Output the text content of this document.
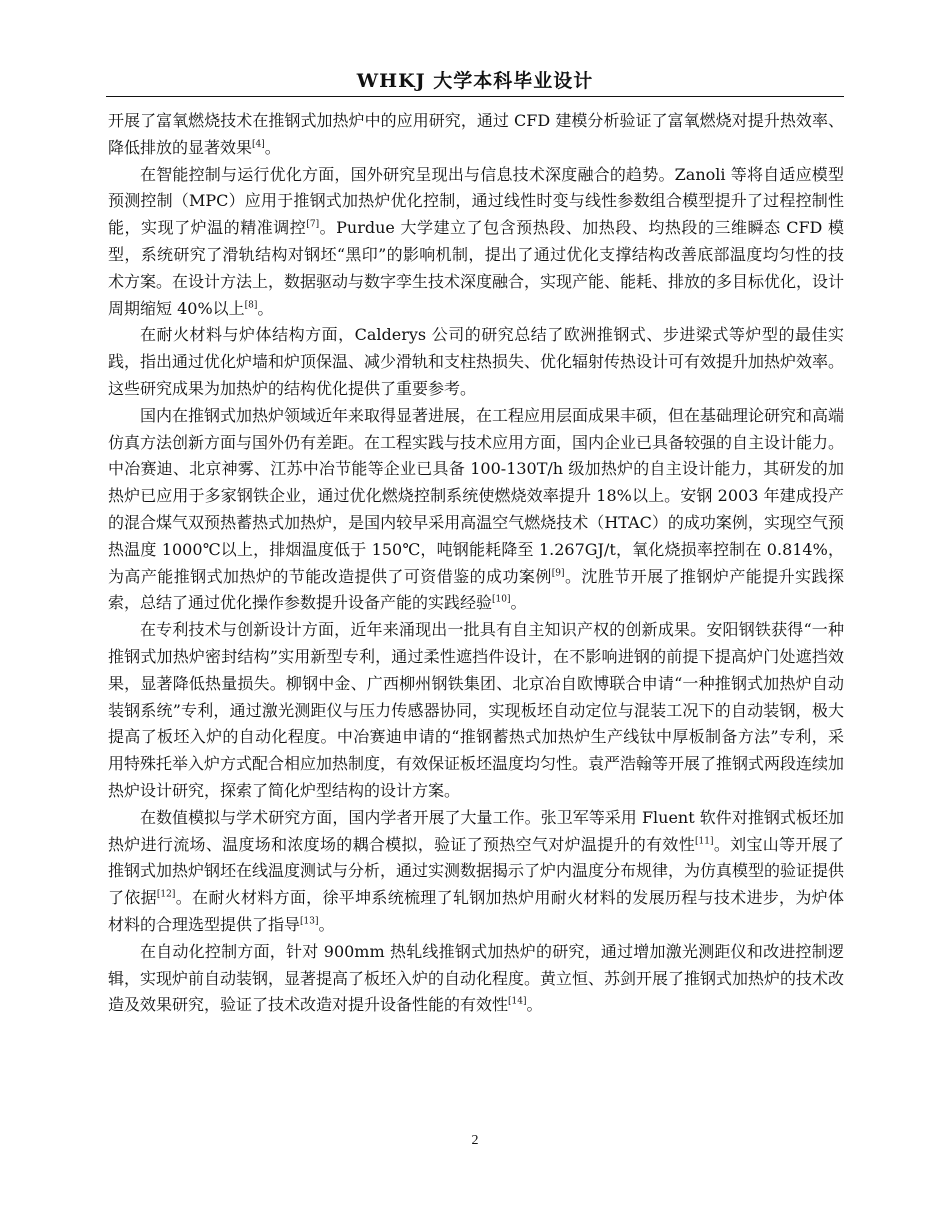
WHKJ 大学本科毕业设计

开展了富氧燃烧技术在推钢式加热炉中的应用研究，通过 CFD 建模分析验证了富氧燃烧对提升热效率、降低排放的显著效果[4]。

在智能控制与运行优化方面，国外研究呈现出与信息技术深度融合的趋势。Zanoli 等将自适应模型预测控制（MPC）应用于推钢式加热炉优化控制，通过线性时变与线性参数组合模型提升了过程控制性能，实现了炉温的精准调控[7]。Purdue 大学建立了包含预热段、加热段、均热段的三维瞬态 CFD 模型，系统研究了滑轨结构对钢坯“黑印”的影响机制，提出了通过优化支撑结构改善底部温度均匀性的技术方案。在设计方法上，数据驱动与数字孪生技术深度融合，实现产能、能耗、排放的多目标优化，设计周期缩短 40%以上[8]。

在耐火材料与炉体结构方面，Calderys 公司的研究总结了欧洲推钢式、步进梁式等炉型的最佳实践，指出通过优化炉墙和炉顶保温、减少滑轨和支柱热损失、优化辐射传热设计可有效提升加热炉效率。这些研究成果为加热炉的结构优化提供了重要参考。

国内在推钢式加热炉领域近年来取得显著进展，在工程应用层面成果丰硕，但在基础理论研究和高端仿真方法创新方面与国外仍有差距。在工程实践与技术应用方面，国内企业已具备较强的自主设计能力。中冶赛迪、北京神雾、江苏中冶节能等企业已具备 100-130T/h 级加热炉的自主设计能力，其研发的加热炉已应用于多家钢铁企业，通过优化燃烧控制系统使燃烧效率提升 18%以上。安钢 2003 年建成投产的混合煤气双预热蓄热式加热炉，是国内较早采用高温空气燃烧技术（HTAC）的成功案例，实现空气预热温度 1000℃以上，排烟温度低于 150℃，吨钢能耗降至 1.267GJ/t，氧化烧损率控制在 0.814%，为高产能推钢式加热炉的节能改造提供了可资借鉴的成功案例[9]。沈胜节开展了推钢炉产能提升实践探索，总结了通过优化操作参数提升设备产能的实践经验[10]。

在专利技术与创新设计方面，近年来涌现出一批具有自主知识产权的创新成果。安阳钢铁获得“一种推钢式加热炉密封结构”实用新型专利，通过柔性遮挡件设计，在不影响进钢的前提下提高炉门处遮挡效果，显著降低热量损失。柳钢中金、广西柳州钢铁集团、北京冶自欧博联合申请“一种推钢式加热炉自动装钢系统”专利，通过激光测距仪与压力传感器协同，实现板坯自动定位与混装工况下的自动装钢，极大提高了板坯入炉的自动化程度。中冶赛迪申请的“推钢蓄热式加热炉生产线钛中厚板制备方法”专利，采用特殊托举入炉方式配合相应加热制度，有效保证板坯温度均匀性。袁严浩翰等开展了推钢式两段连续加热炉设计研究，探索了简化炉型结构的设计方案。

在数值模拟与学术研究方面，国内学者开展了大量工作。张卫军等采用 Fluent 软件对推钢式板坯加热炉进行流场、温度场和浓度场的耦合模拟，验证了预热空气对炉温提升的有效性[11]。刘宝山等开展了推钢式加热炉钢坯在线温度测试与分析，通过实测数据揭示了炉内温度分布规律，为仿真模型的验证提供了依据[12]。在耐火材料方面，徐平坤系统梳理了轧钢加热炉用耐火材料的发展历程与技术进步，为炉体材料的合理选型提供了指导[13]。

在自动化控制方面，针对 900mm 热轧线推钢式加热炉的研究，通过增加激光测距仪和改进控制逻辑，实现炉前自动装钢，显著提高了板坯入炉的自动化程度。黄立恒、苏剑开展了推钢式加热炉的技术改造及效果研究，验证了技术改造对提升设备性能的有效性[14]。

2
